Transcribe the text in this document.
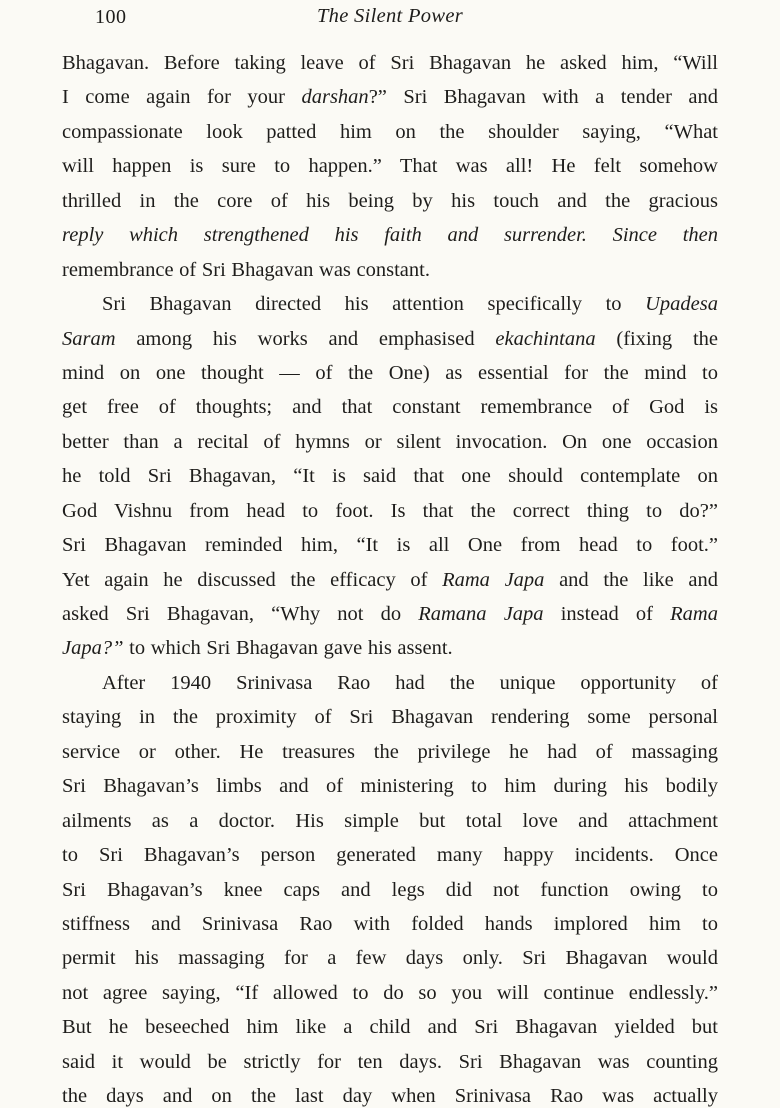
100	The Silent Power
Bhagavan. Before taking leave of Sri Bhagavan he asked him, “Will
I come again for your darshan?” Sri Bhagavan with a tender and
compassionate look patted him on the shoulder saying, “What
will happen is sure to happen.” That was all! He felt somehow
thrilled in the core of his being by his touch and the gracious
reply which strengthened his faith and surrender. Since then
remembrance of Sri Bhagavan was constant.
Sri Bhagavan directed his attention specifically to Upadesa
Saram among his works and emphasised ekachintana (fixing the
mind on one thought — of the One) as essential for the mind to
get free of thoughts; and that constant remembrance of God is
better than a recital of hymns or silent invocation. On one occasion
he told Sri Bhagavan, “It is said that one should contemplate on
God Vishnu from head to foot. Is that the correct thing to do?”
Sri Bhagavan reminded him, “It is all One from head to foot.”
Yet again he discussed the efficacy of Rama Japa and the like and
asked Sri Bhagavan, “Why not do Ramana Japa instead of Rama
Japa?” to which Sri Bhagavan gave his assent.
After 1940 Srinivasa Rao had the unique opportunity of
staying in the proximity of Sri Bhagavan rendering some personal
service or other. He treasures the privilege he had of massaging
Sri Bhagavan’s limbs and of ministering to him during his bodily
ailments as a doctor. His simple but total love and attachment
to Sri Bhagavan’s person generated many happy incidents. Once
Sri Bhagavan’s knee caps and legs did not function owing to
stiffness and Srinivasa Rao with folded hands implored him to
permit his massaging for a few days only. Sri Bhagavan would
not agree saying, “If allowed to do so you will continue endlessly.”
But he beseeched him like a child and Sri Bhagavan yielded but
said it would be strictly for ten days. Sri Bhagavan was counting
the days and on the last day when Srinivasa Rao was actually
